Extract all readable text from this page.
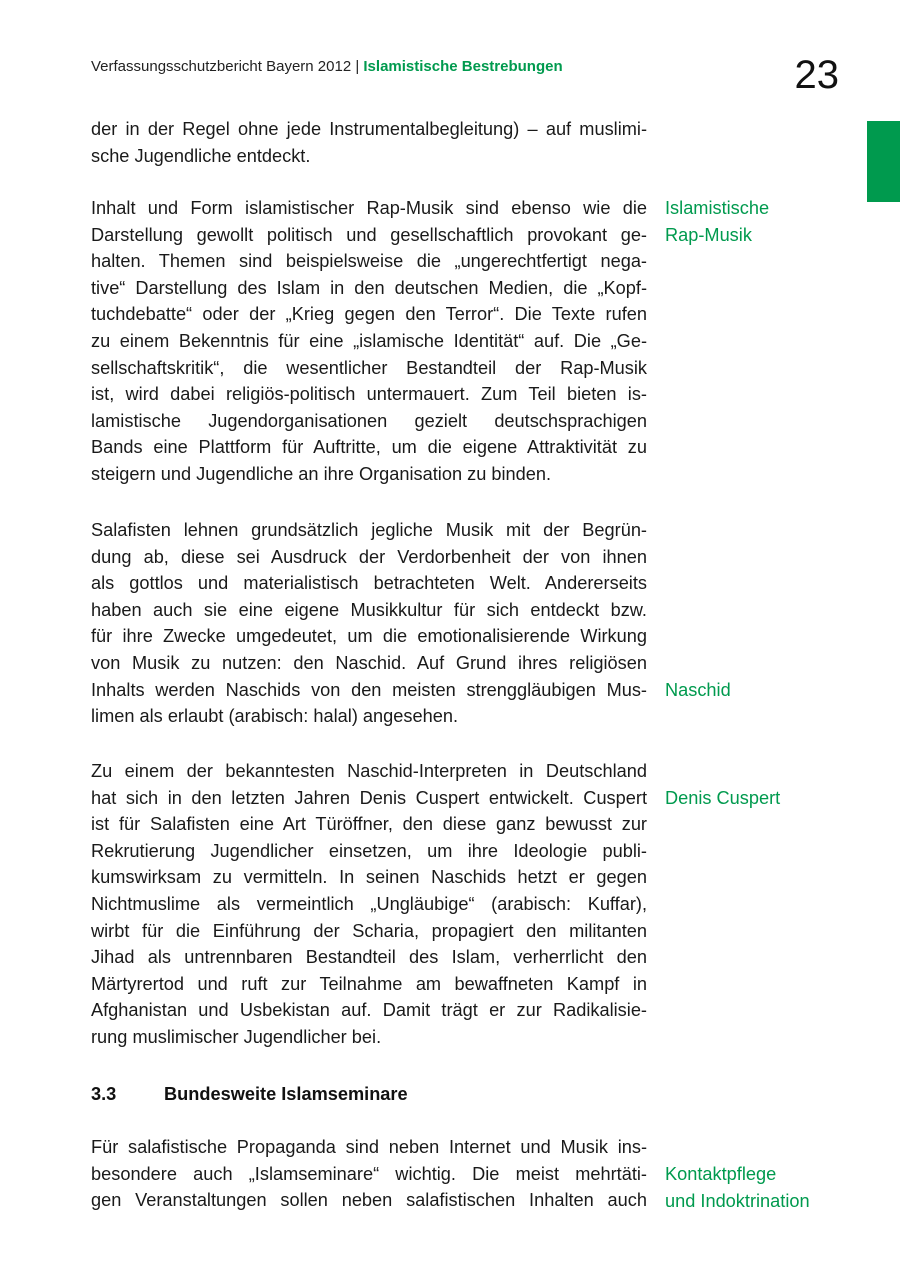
Verfassungsschutzbericht Bayern 2012 | Islamistische Bestrebungen	23

der in der Regel ohne jede Instrumentalbegleitung) – auf muslimi-
sche Jugendliche entdeckt.

Inhalt und Form islamistischer Rap-Musik sind ebenso wie die
Darstellung gewollt politisch und gesellschaftlich provokant ge-
halten. Themen sind beispielsweise die „ungerechtfertigt nega-
tive“ Darstellung des Islam in den deutschen Medien, die „Kopf-
tuchdebatte“ oder der „Krieg gegen den Terror“. Die Texte rufen
zu einem Bekenntnis für eine „islamische Identität“ auf. Die „Ge-
sellschaftskritik“, die wesentlicher Bestandteil der Rap-Musik
ist, wird dabei religiös-politisch untermauert. Zum Teil bieten is-
lamistische Jugendorganisationen gezielt deutschsprachigen
Bands eine Plattform für Auftritte, um die eigene Attraktivität zu
steigern und Jugendliche an ihre Organisation zu binden.

Salafisten lehnen grundsätzlich jegliche Musik mit der Begrün-
dung ab, diese sei Ausdruck der Verdorbenheit der von ihnen
als gottlos und materialistisch betrachteten Welt. Andererseits
haben auch sie eine eigene Musikkultur für sich entdeckt bzw.
für ihre Zwecke umgedeutet, um die emotionalisierende Wirkung
von Musik zu nutzen: den Naschid. Auf Grund ihres religiösen
Inhalts werden Naschids von den meisten strenggläubigen Mus-
limen als erlaubt (arabisch: halal) angesehen.

Zu einem der bekanntesten Naschid-Interpreten in Deutschland
hat sich in den letzten Jahren Denis Cuspert entwickelt. Cuspert
ist für Salafisten eine Art Türöffner, den diese ganz bewusst zur
Rekrutierung Jugendlicher einsetzen, um ihre Ideologie publi-
kumswirksam zu vermitteln. In seinen Naschids hetzt er gegen
Nichtmuslime als vermeintlich „Ungläubige“ (arabisch: Kuffar),
wirbt für die Einführung der Scharia, propagiert den militanten
Jihad als untrennbaren Bestandteil des Islam, verherrlicht den
Märtyrertod und ruft zur Teilnahme am bewaffneten Kampf in
Afghanistan und Usbekistan auf. Damit trägt er zur Radikalisie-
rung muslimischer Jugendlicher bei.

3.3	Bundesweite Islamseminare

Für salafistische Propaganda sind neben Internet und Musik ins-
besondere auch „Islamseminare“ wichtig. Die meist mehrtäti-
gen Veranstaltungen sollen neben salafistischen Inhalten auch

Islamistische
Rap-Musik
Naschid
Denis Cuspert
Kontaktpflege
und Indoktrination
